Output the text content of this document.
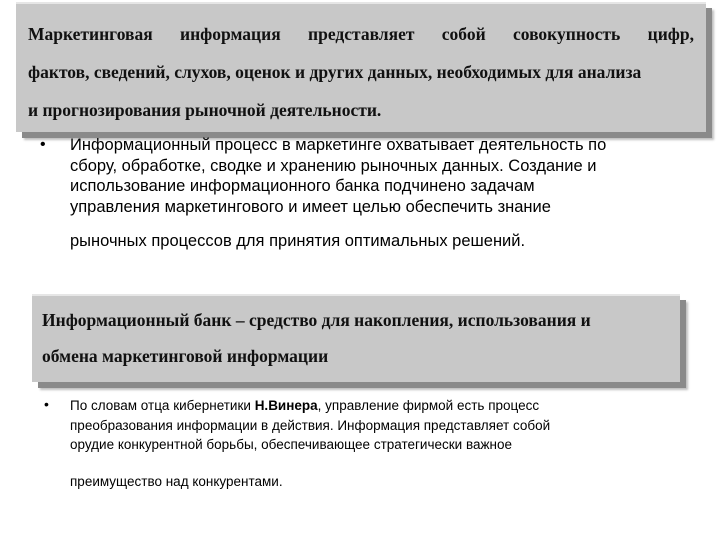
Маркетинговая информация представляет собой совокупность цифр,
фактов, сведений, слухов, оценок и других данных, необходимых для анализа
и прогнозирования рыночной деятельности.
• Информационный процесс в маркетинге охватывает деятельность по
сбору, обработке, сводке и хранению рыночных данных. Создание и
использование информационного банка подчинено задачам
управления маркетингового и имеет целью обеспечить знание
рыночных процессов для принятия оптимальных решений.
Информационный банк – средство для накопления, использования и
обмена маркетинговой информации
• По словам отца кибернетики Н.Винера, управление фирмой есть процесс
преобразования информации в действия. Информация представляет собой
орудие конкурентной борьбы, обеспечивающее стратегически важное
преимущество над конкурентами.
